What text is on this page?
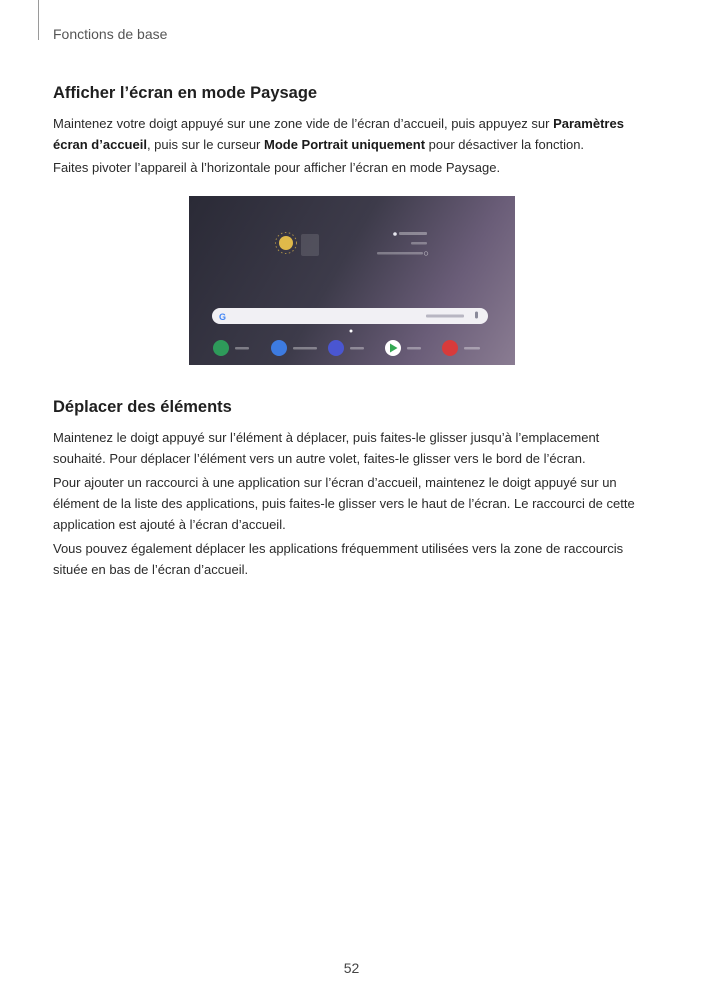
Fonctions de base
Afficher l’écran en mode Paysage

Maintenez votre doigt appuyé sur une zone vide de l’écran d’accueil, puis appuyez sur Paramètres écran d’accueil, puis sur le curseur Mode Portrait uniquement pour désactiver la fonction.

Faites pivoter l’appareil à l’horizontale pour afficher l’écran en mode Paysage.

G
Déplacer des éléments

Maintenez le doigt appuyé sur l’élément à déplacer, puis faites-le glisser jusqu’à l’emplacement souhaité. Pour déplacer l’élément vers un autre volet, faites-le glisser vers le bord de l’écran.

Pour ajouter un raccourci à une application sur l’écran d’accueil, maintenez le doigt appuyé sur un élément de la liste des applications, puis faites-le glisser vers le haut de l’écran. Le raccourci de cette application est ajouté à l’écran d’accueil.

Vous pouvez également déplacer les applications fréquemment utilisées vers la zone de raccourcis située en bas de l’écran d’accueil.

52
